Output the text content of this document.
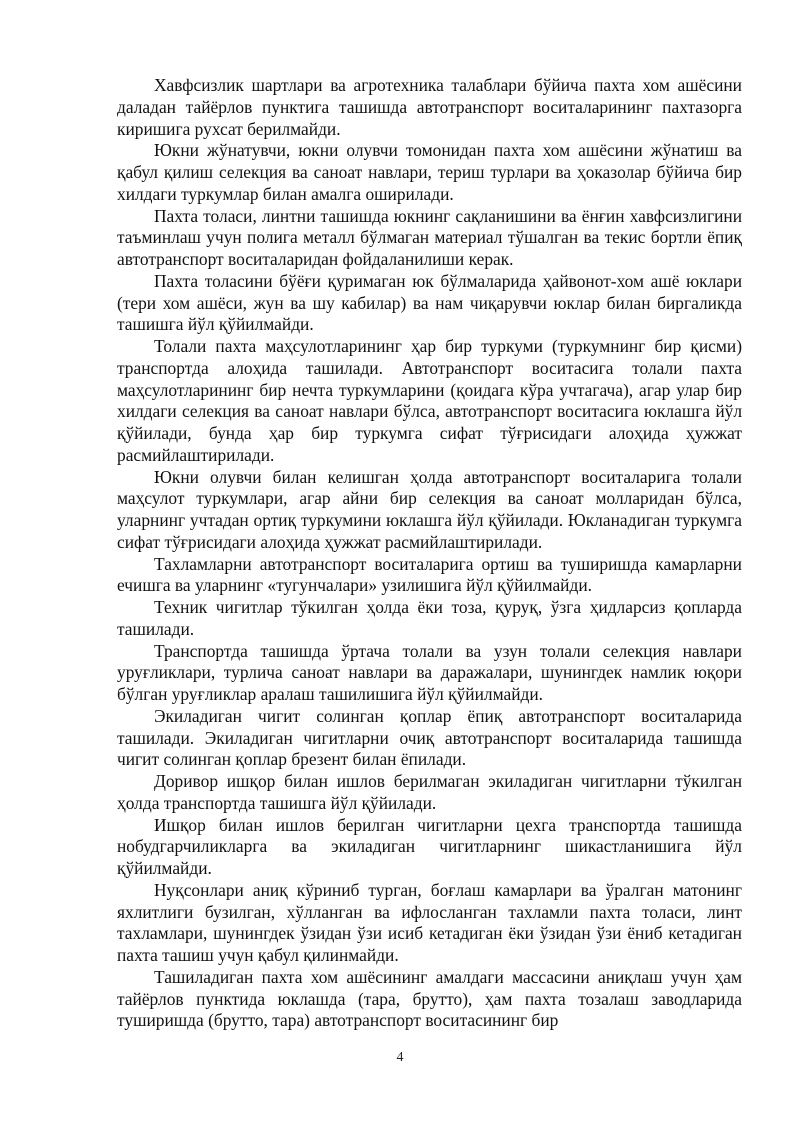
Хавфсизлик шартлари ва агротехника талаблари бўйича пахта хом ашёсини даладан тайёрлов пунктига ташишда автотранспорт воситаларининг пахтазорга киришига рухсат берилмайди.

Юкни жўнатувчи, юкни олувчи томонидан пахта хом ашёсини жўнатиш ва қабул қилиш селекция ва саноат навлари, териш турлари ва ҳоказолар бўйича бир хилдаги туркумлар билан амалга оширилади.

Пахта толаси, линтни ташишда юкнинг сақланишини ва ёнғин хавфсизлигини таъминлаш учун полига металл бўлмаган материал тўшалган ва текис бортли ёпиқ автотранспорт воситаларидан фойдаланилиши керак.

Пахта толасини бўёғи қуримаган юк бўлмаларида ҳайвонот-хом ашё юклари (тери хом ашёси, жун ва шу кабилар) ва нам чиқарувчи юклар билан биргаликда ташишга йўл қўйилмайди.

Толали пахта маҳсулотларининг ҳар бир туркуми (туркумнинг бир қисми) транспортда алоҳида ташилади. Автотранспорт воситасига толали пахта маҳсулотларининг бир нечта туркумларини (қоидага кўра учтагача), агар улар бир хилдаги селекция ва саноат навлари бўлса, автотранспорт воситасига юклашга йўл қўйилади, бунда ҳар бир туркумга сифат тўғрисидаги алоҳида ҳужжат расмийлаштирилади.

Юкни олувчи билан келишган ҳолда автотранспорт воситаларига толали маҳсулот туркумлари, агар айни бир селекция ва саноат молларидан бўлса, уларнинг учтадан ортиқ туркумини юклашга йўл қўйилади. Юкланадиган туркумга сифат тўғрисидаги алоҳида ҳужжат расмийлаштирилади.

Тахламларни автотранспорт воситаларига ортиш ва туширишда камарларни ечишга ва уларнинг «тугунчалари» узилишига йўл қўйилмайди.

Техник чигитлар тўкилган ҳолда ёки тоза, қуруқ, ўзга ҳидларсиз қопларда ташилади.

Транспортда ташишда ўртача толали ва узун толали селекция навлари уруғликлари, турлича саноат навлари ва даражалари, шунингдек намлик юқори бўлган уруғликлар аралаш ташилишига йўл қўйилмайди.

Экиладиган чигит солинган қоплар ёпиқ автотранспорт воситаларида ташилади. Экиладиган чигитларни очиқ автотранспорт воситаларида ташишда чигит солинган қоплар брезент билан ёпилади.

Доривор ишқор билан ишлов берилмаган экиладиган чигитларни тўкилган ҳолда транспортда ташишга йўл қўйилади.

Ишқор билан ишлов берилган чигитларни цехга транспортда ташишда нобудгарчиликларга ва экиладиган чигитларнинг шикастланишига йўл қўйилмайди.

Нуқсонлари аниқ кўриниб турган, боғлаш камарлари ва ўралган матонинг яхлитлиги бузилган, хўлланган ва ифлосланган тахламли пахта толаси, линт тахламлари, шунингдек ўзидан ўзи исиб кетадиган ёки ўзидан ўзи ёниб кетадиган пахта ташиш учун қабул қилинмайди.

Ташиладиган пахта хом ашёсининг амалдаги массасини аниқлаш учун ҳам тайёрлов пунктида юклашда (тара, брутто), ҳам пахта тозалаш заводларида туширишда (брутто, тара) автотранспорт воситасининг бир

4
